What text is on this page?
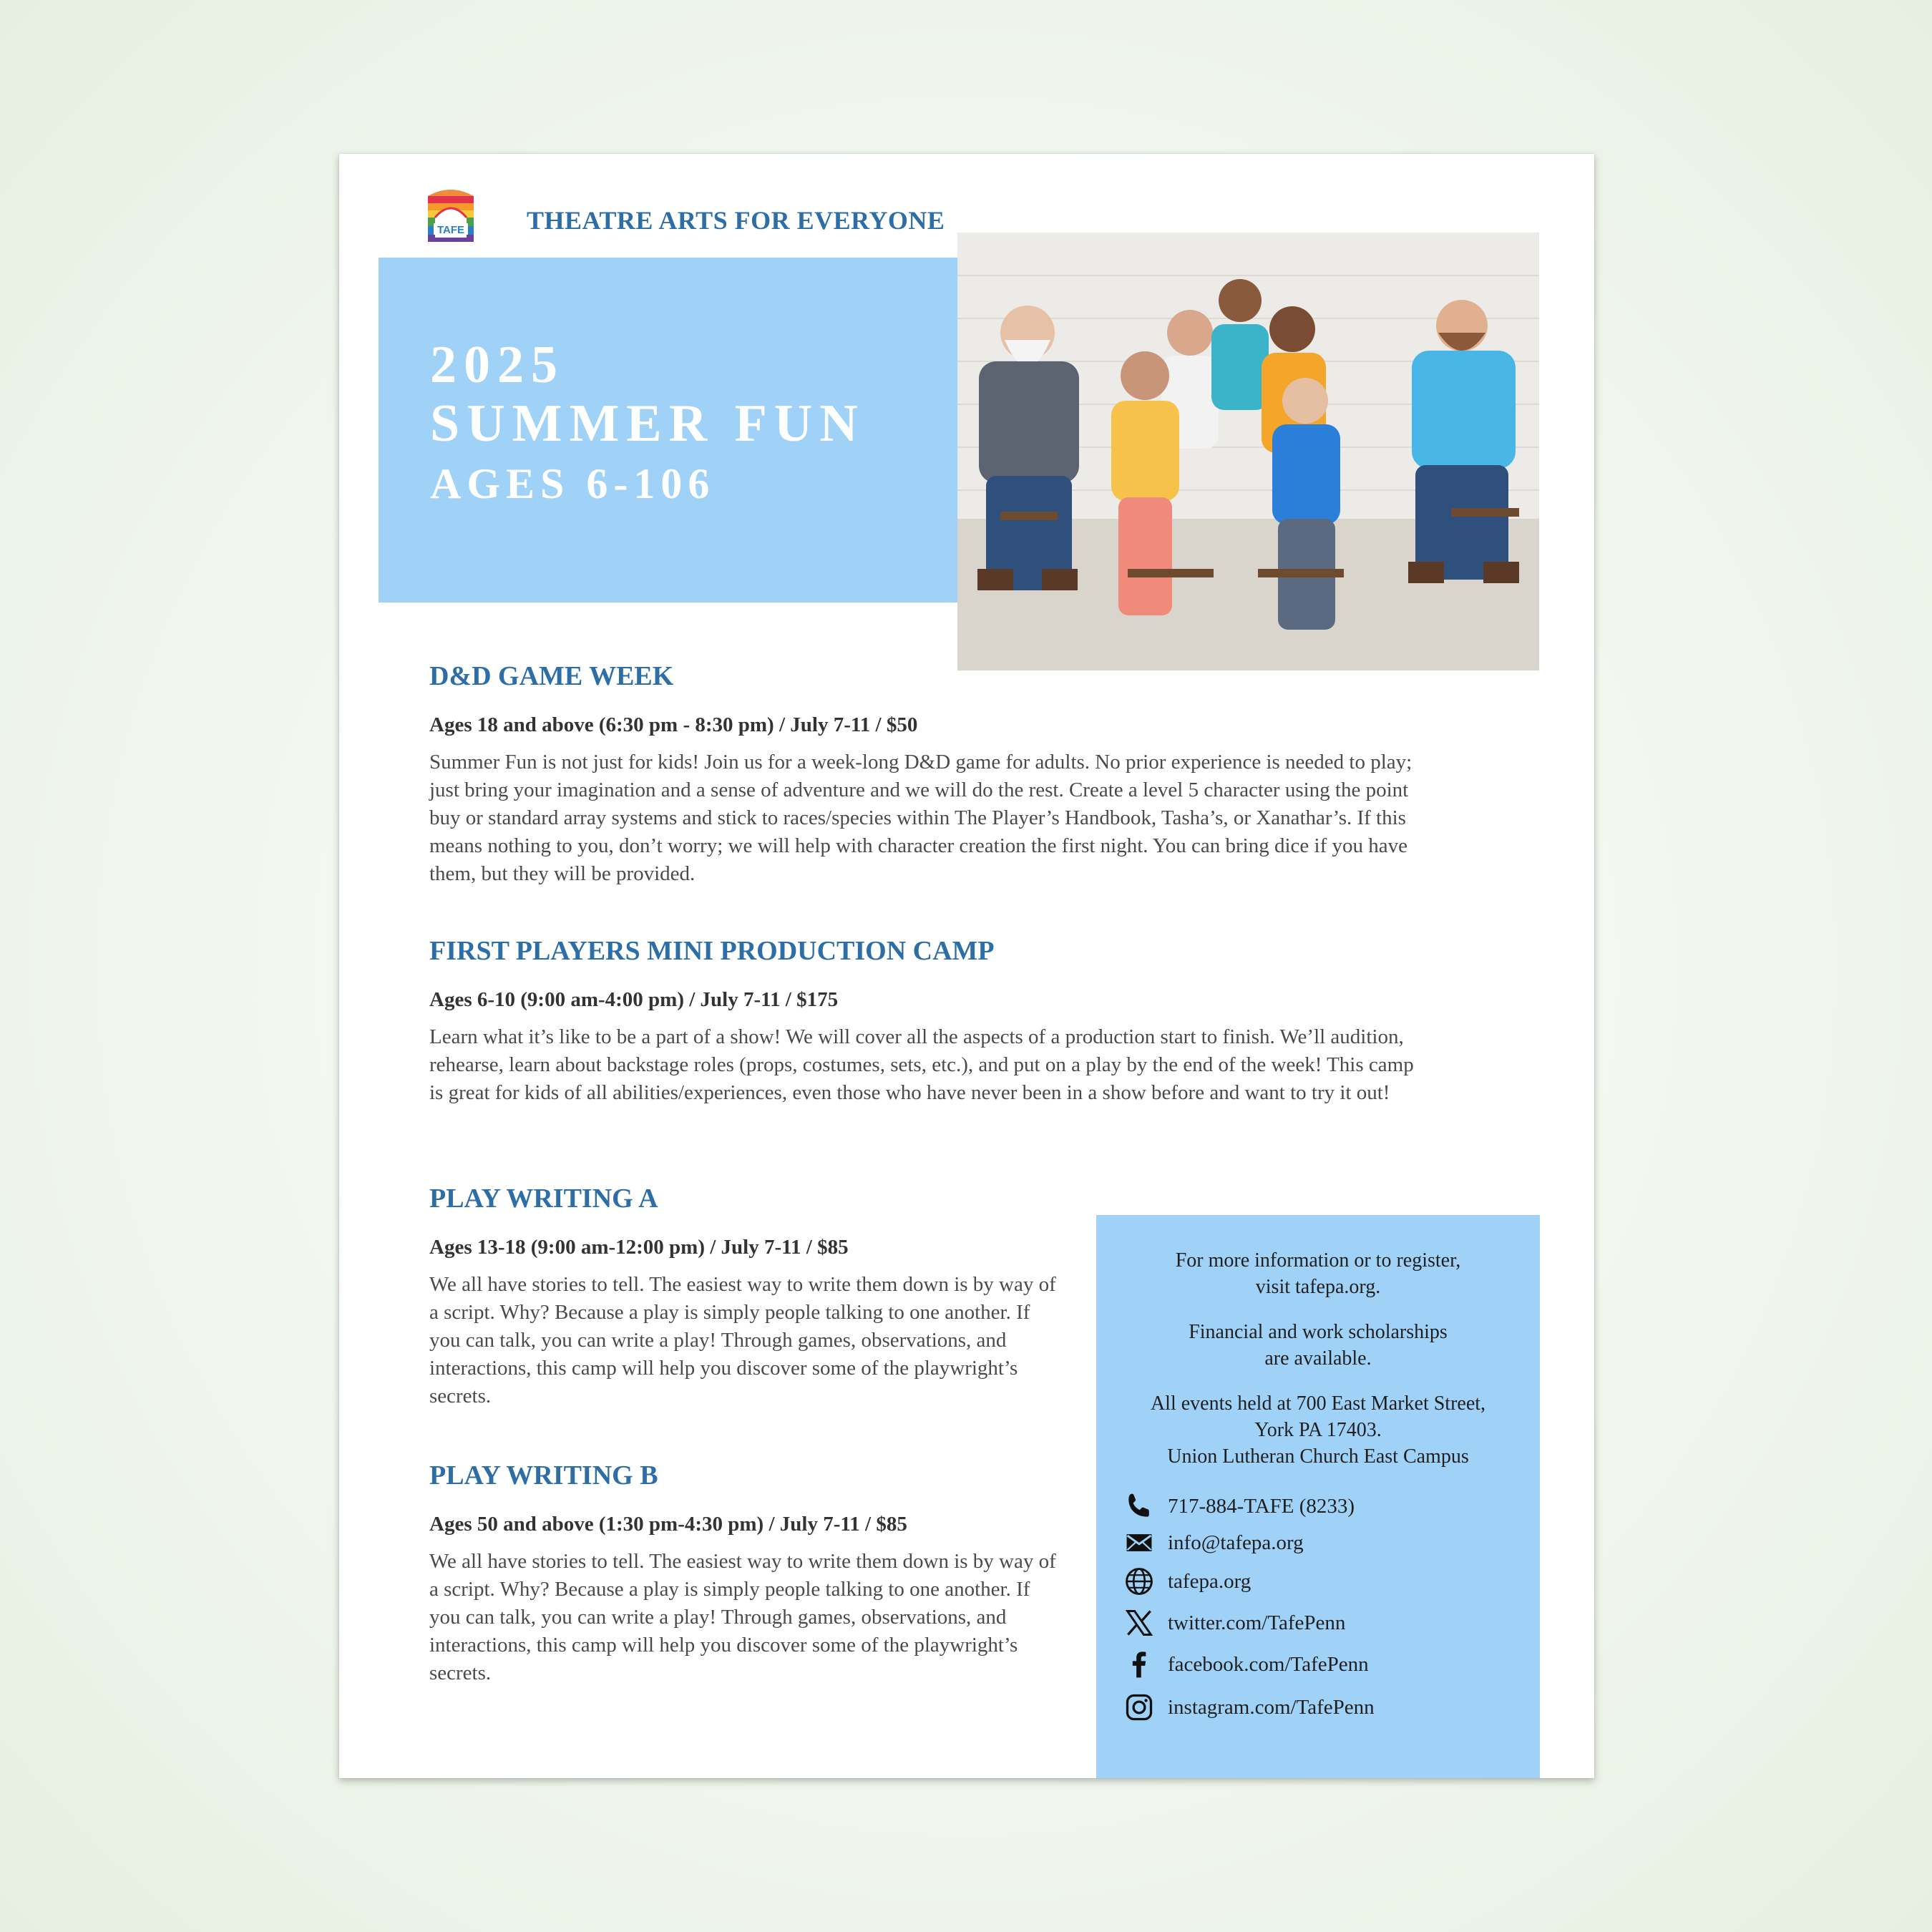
TAFE THEATRE ARTS FOR EVERYONE
2025
SUMMER FUN
AGES 6-106
D&D GAME WEEK
Ages 18 and above (6:30 pm - 8:30 pm) / July 7-11 / $50
Summer Fun is not just for kids! Join us for a week-long D&D game for adults. No prior experience is needed to play; just bring your imagination and a sense of adventure and we will do the rest. Create a level 5 character using the point buy or standard array systems and stick to races/species within The Player’s Handbook, Tasha’s, or Xanathar’s. If this means nothing to you, don’t worry; we will help with character creation the first night. You can bring dice if you have them, but they will be provided.
FIRST PLAYERS MINI PRODUCTION CAMP
Ages 6-10 (9:00 am-4:00 pm) / July 7-11 / $175
Learn what it’s like to be a part of a show! We will cover all the aspects of a production start to finish. We’ll audition, rehearse, learn about backstage roles (props, costumes, sets, etc.), and put on a play by the end of the week! This camp is great for kids of all abilities/experiences, even those who have never been in a show before and want to try it out!
PLAY WRITING A
Ages 13-18 (9:00 am-12:00 pm) / July 7-11 / $85
We all have stories to tell. The easiest way to write them down is by way of a script. Why? Because a play is simply people talking to one another. If you can talk, you can write a play! Through games, observations, and interactions, this camp will help you discover some of the playwright’s secrets.
PLAY WRITING B
Ages 50 and above (1:30 pm-4:30 pm) / July 7-11 / $85
We all have stories to tell. The easiest way to write them down is by way of a script. Why? Because a play is simply people talking to one another. If you can talk, you can write a play! Through games, observations, and interactions, this camp will help you discover some of the playwright’s secrets.

For more information or to register,

visit tafepa.org.

Financial and work scholarships

are available.

All events held at 700 East Market Street,

York PA 17403.

Union Lutheran Church East Campus

717-884-TAFE (8233)
info@tafepa.org
tafepa.org
twitter.com/TafePenn
facebook.com/TafePenn
instagram.com/TafePenn
